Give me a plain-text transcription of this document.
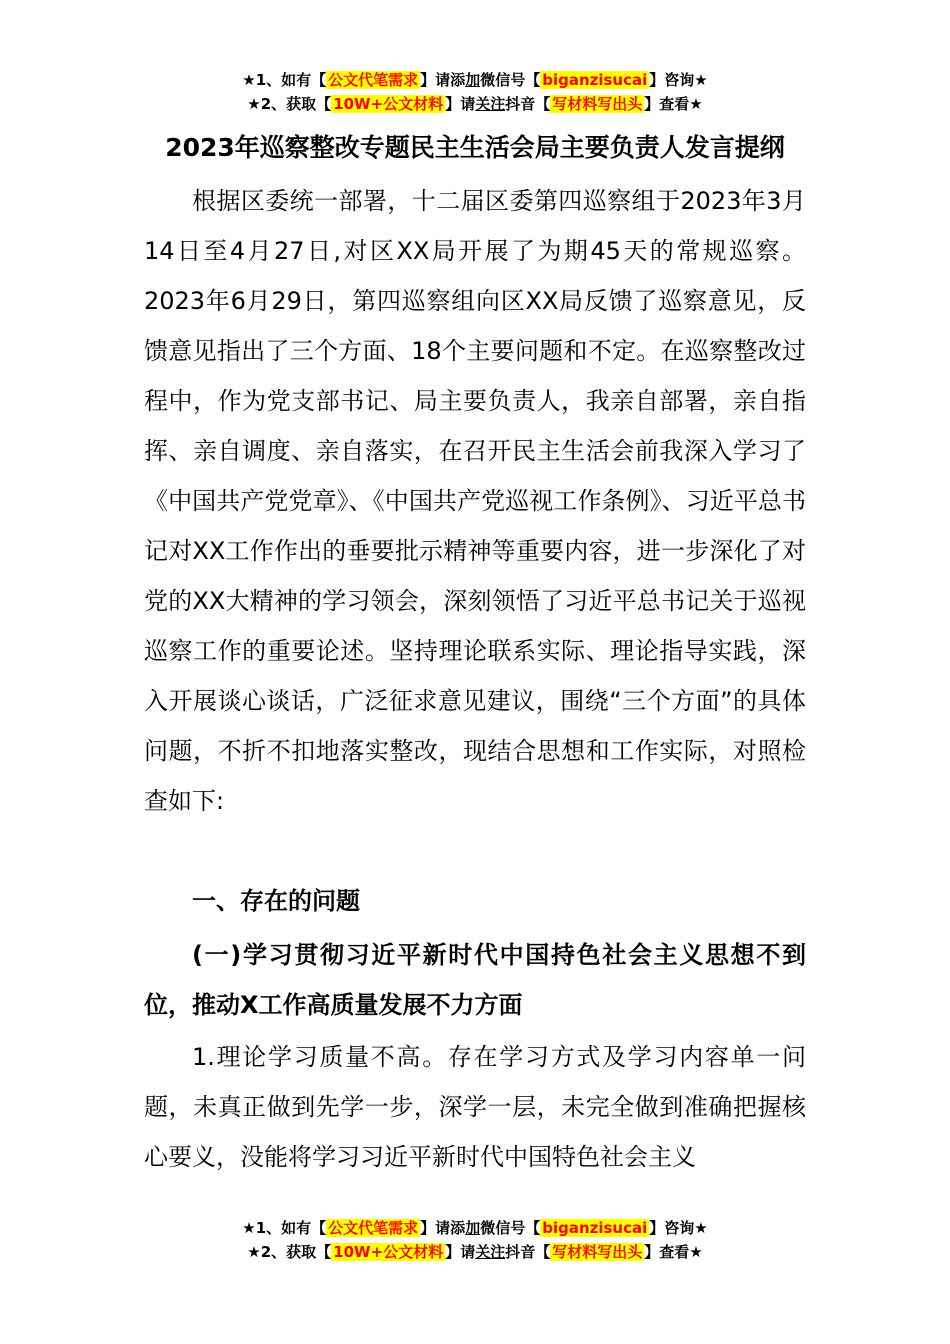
★1、如有【 公文代笔需求 】请添加微信号【 biganzisucai 】咨询★
★2、获取【 10W+公文材料 】请关注抖音【 写材料写出头 】查看★
2023年巡察整改专题民主生活会局主要负责人发言提纲

根据区委统一部署，十二届区委第四巡察组于2023年3月14日至4月27日,对区XX局开展了为期45天的常规巡察。2023年6月29日，第四巡察组向区XX局反馈了巡察意见，反馈意见指出了三个方面、18个主要问题和不定。在巡察整改过程中，作为党支部书记、局主要负责人，我亲自部署，亲自指挥、亲自调度、亲自落实，在召开民主生活会前我深入学习了《中国共产党党章》、《中国共产党巡视工作条例》、习近平总书记对XX工作作出的垂要批示精神等重要内容，进一步深化了对党的XX大精神的学习领会，深刻领悟了习近平总书记关于巡视巡察工作的重要论述。坚持理论联系实际、理论指导实践，深入开展谈心谈话，广泛征求意见建议，围绕“三个方面”的具体问题，不折不扣地落实整改，现结合思想和工作实际，对照检查如下:

一、存在的问题

(一)学习贯彻习近平新时代中国持色社会主义思想不到位，推动X工作高质量发展不力方面

1.理论学习质量不高。存在学习方式及学习内容单一问题，未真正做到先学一步，深学一层，未完全做到准确把握核心要义，没能将学习习近平新时代中国特色社会主义

★1、如有【 公文代笔需求 】请添加微信号【 biganzisucai 】咨询★
★2、获取【 10W+公文材料 】请关注抖音【 写材料写出头 】查看★
